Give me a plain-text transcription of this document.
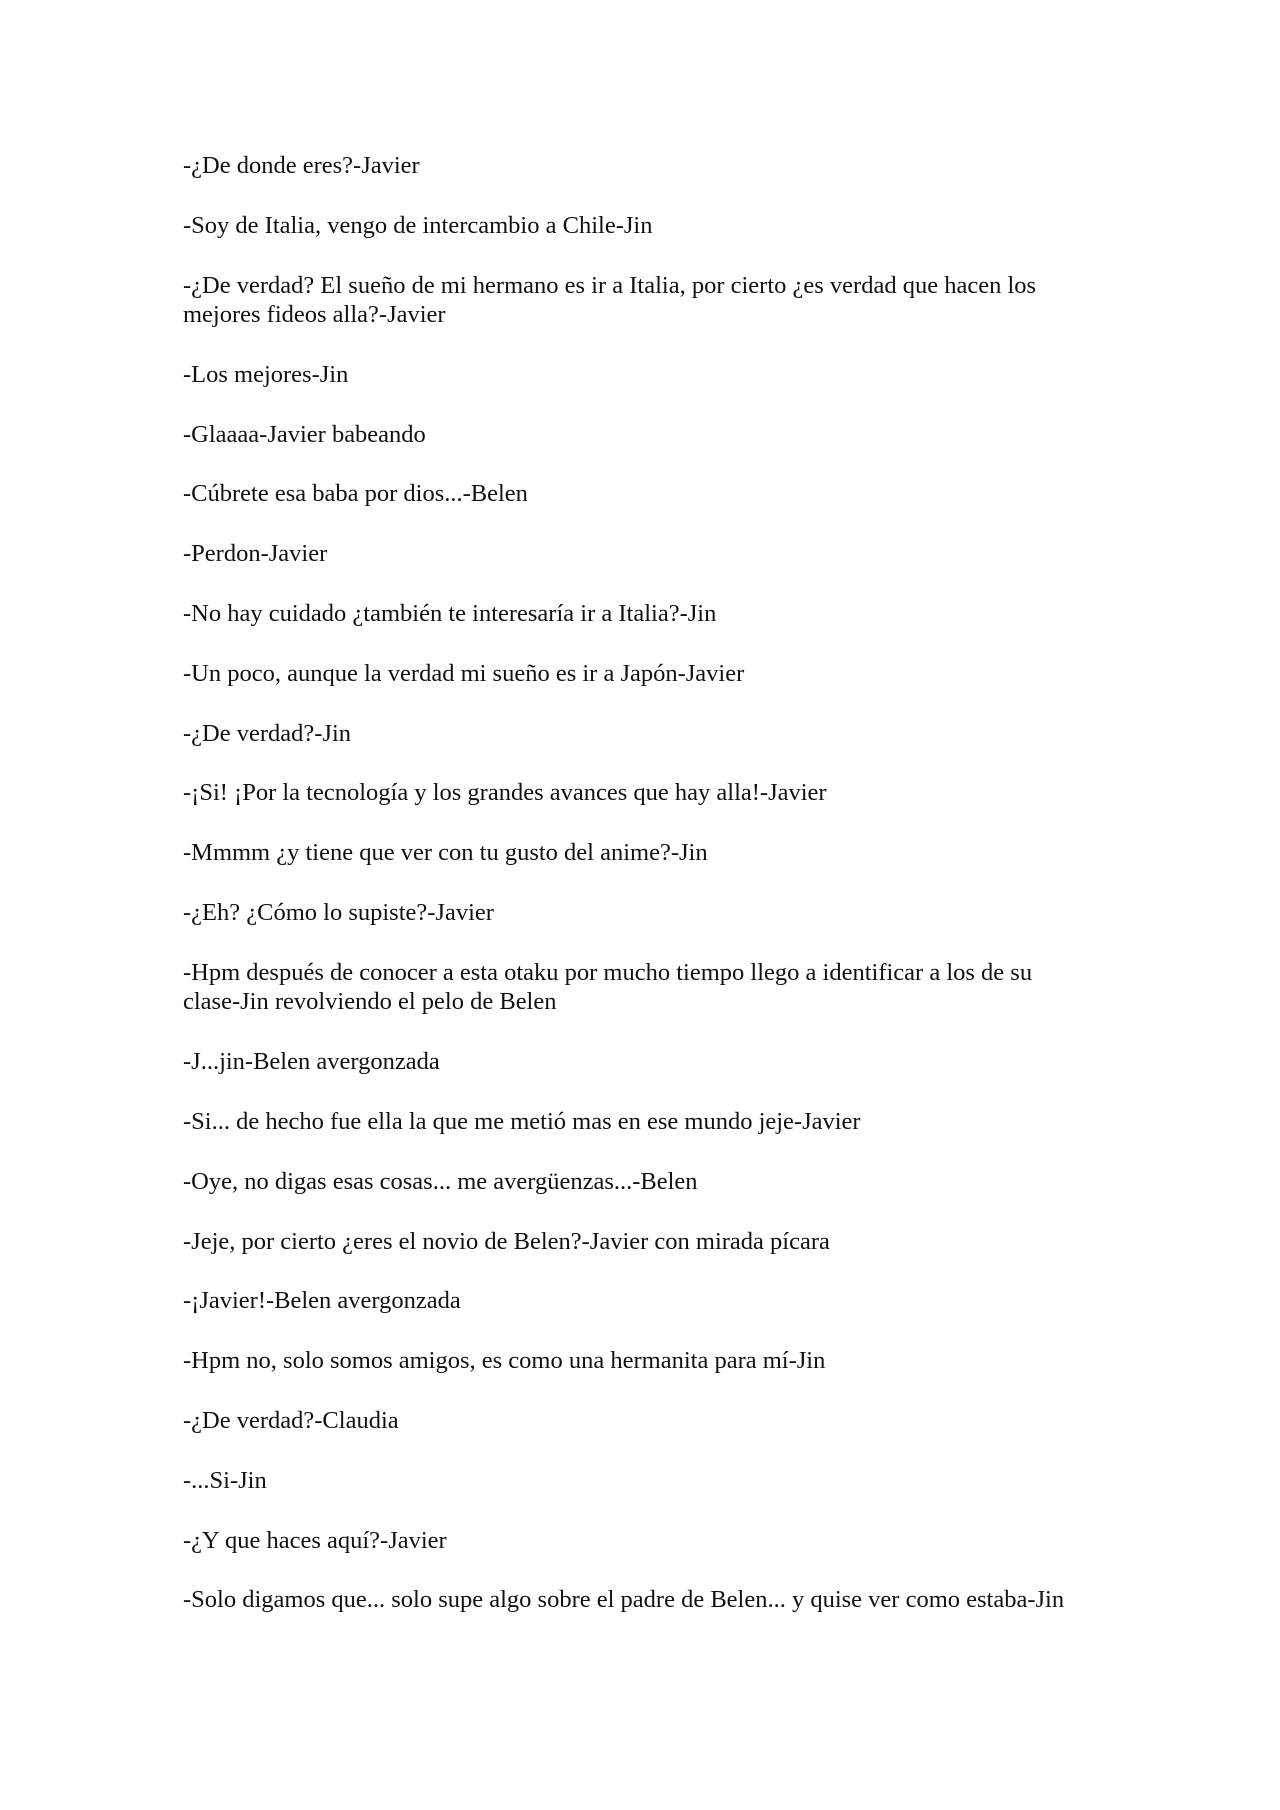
-¿De donde eres?-Javier

-Soy de Italia, vengo de intercambio a Chile-Jin

-¿De verdad? El sueño de mi hermano es ir a Italia, por cierto ¿es verdad que hacen los mejores fideos alla?-Javier

-Los mejores-Jin

-Glaaaa-Javier babeando

-Cúbrete esa baba por dios...-Belen

-Perdon-Javier

-No hay cuidado ¿también te interesaría ir a Italia?-Jin

-Un poco, aunque la verdad mi sueño es ir a Japón-Javier

-¿De verdad?-Jin

-¡Si! ¡Por la tecnología y los grandes avances que hay alla!-Javier

-Mmmm ¿y tiene que ver con tu gusto del anime?-Jin

-¿Eh? ¿Cómo lo supiste?-Javier

-Hpm después de conocer a esta otaku por mucho tiempo llego a identificar a los de su clase-Jin revolviendo el pelo de Belen

-J...jin-Belen avergonzada

-Si... de hecho fue ella la que me metió mas en ese mundo jeje-Javier

-Oye, no digas esas cosas... me avergüenzas...-Belen

-Jeje, por cierto ¿eres el novio de Belen?-Javier con mirada pícara

-¡Javier!-Belen avergonzada

-Hpm no, solo somos amigos, es como una hermanita para mí-Jin

-¿De verdad?-Claudia

-...Si-Jin

-¿Y que haces aquí?-Javier

-Solo digamos que... solo supe algo sobre el padre de Belen... y quise ver como estaba-Jin
